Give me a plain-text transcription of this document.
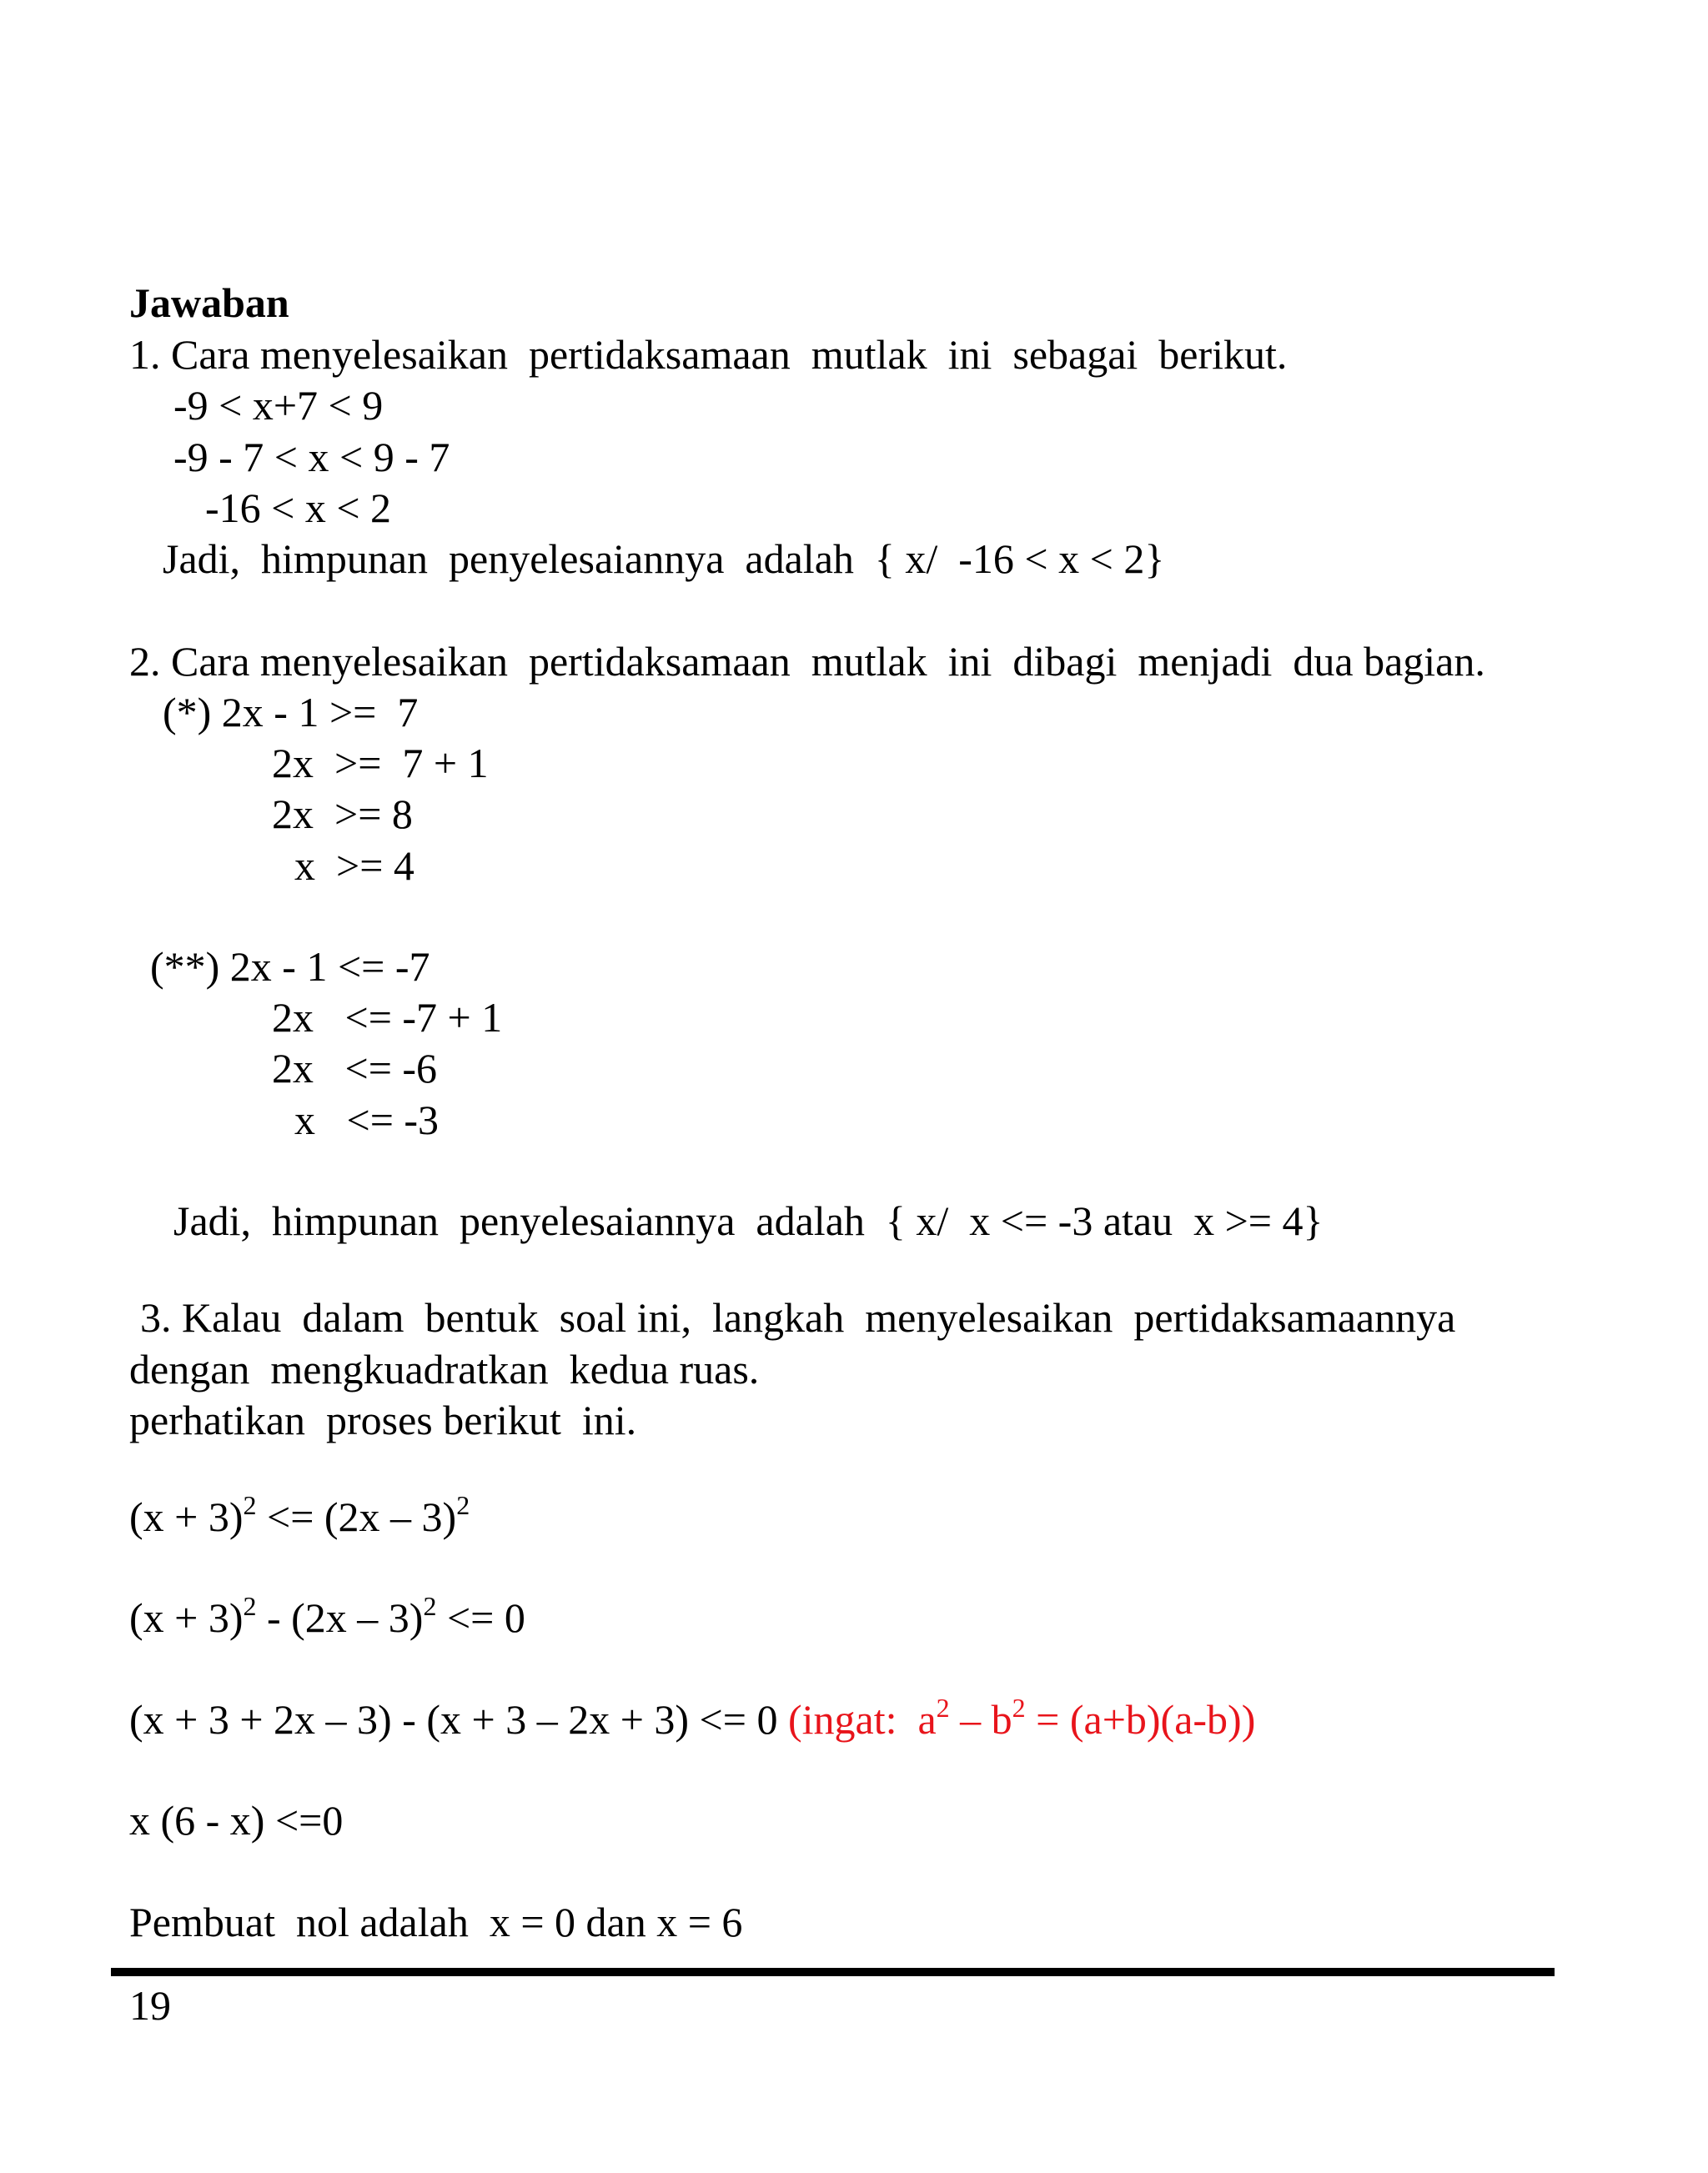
Jawaban
1. Cara menyelesaikan  pertidaksamaan  mutlak  ini  sebagai  berikut.
-9 < x+7 < 9
-9 - 7 < x < 9 - 7
-16 < x < 2
Jadi,  himpunan  penyelesaiannya  adalah  { x/  -16 < x < 2}
2. Cara menyelesaikan  pertidaksamaan  mutlak  ini  dibagi  menjadi  dua bagian.
(*) 2x - 1 >=  7
2x  >=  7 + 1
2x  >= 8
x  >= 4
(**) 2x - 1 <= -7
2x   <= -7 + 1
2x   <= -6
x   <= -3
Jadi,  himpunan  penyelesaiannya  adalah  { x/  x <= -3 atau  x >= 4}
3. Kalau  dalam  bentuk  soal ini,  langkah  menyelesaikan  pertidaksamaannya
dengan  mengkuadratkan  kedua ruas.
perhatikan  proses berikut  ini.
$(x + 3)^2 <= (2x - 3)^2$
$(x + 3)^2 - (2x - 3)^2 <= 0$
(x + 3 + 2x – 3) - (x + 3 – 2x + 3) <= 0 (ingat:  $a^2 - b^2 = (a+b)(a-b)$)
x (6 - x) <=0
Pembuat  nol adalah  x = 0 dan x = 6
19
